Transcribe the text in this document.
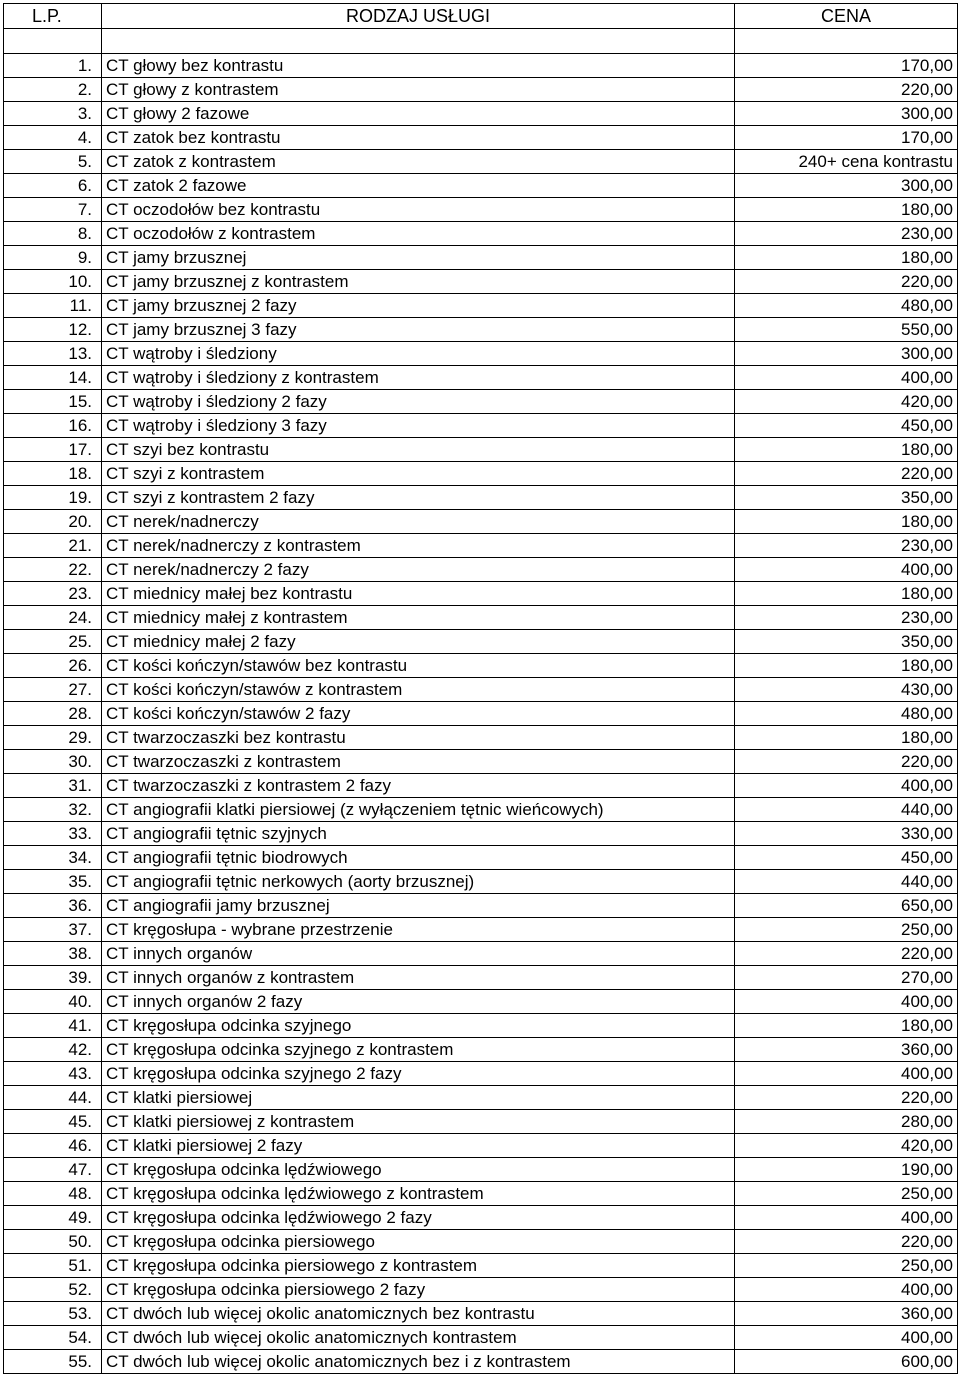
L.P.	RODZAJ USŁUGI	CENA

1.	CT głowy bez kontrastu	170,00
2.	CT głowy z kontrastem	220,00
3.	CT głowy 2 fazowe	300,00
4.	CT zatok bez kontrastu	170,00
5.	CT zatok z kontrastem	240+ cena kontrastu
6.	CT zatok 2 fazowe	300,00
7.	CT oczodołów bez kontrastu	180,00
8.	CT oczodołów z kontrastem	230,00
9.	CT jamy brzusznej	180,00
10.	CT jamy brzusznej z kontrastem	220,00
11.	CT jamy brzusznej 2 fazy	480,00
12.	CT jamy brzusznej 3 fazy	550,00
13.	CT wątroby i śledziony	300,00
14.	CT wątroby i śledziony z kontrastem	400,00
15.	CT wątroby i śledziony 2 fazy	420,00
16.	CT wątroby i śledziony 3 fazy	450,00
17.	CT szyi bez kontrastu	180,00
18.	CT szyi z kontrastem	220,00
19.	CT szyi z kontrastem 2 fazy	350,00
20.	CT nerek/nadnerczy	180,00
21.	CT nerek/nadnerczy z kontrastem	230,00
22.	CT nerek/nadnerczy 2 fazy	400,00
23.	CT miednicy małej bez kontrastu	180,00
24.	CT miednicy małej z kontrastem	230,00
25.	CT miednicy małej 2 fazy	350,00
26.	CT kości kończyn/stawów bez kontrastu	180,00
27.	CT kości kończyn/stawów z kontrastem	430,00
28.	CT kości kończyn/stawów 2 fazy	480,00
29.	CT twarzoczaszki bez kontrastu	180,00
30.	CT twarzoczaszki z kontrastem	220,00
31.	CT twarzoczaszki z kontrastem 2 fazy	400,00
32.	CT angiografii klatki piersiowej (z wyłączeniem tętnic wieńcowych)	440,00
33.	CT angiografii tętnic szyjnych	330,00
34.	CT angiografii tętnic biodrowych	450,00
35.	CT angiografii tętnic nerkowych (aorty brzusznej)	440,00
36.	CT angiografii jamy brzusznej	650,00
37.	CT kręgosłupa - wybrane przestrzenie	250,00
38.	CT innych organów	220,00
39.	CT innych organów z kontrastem	270,00
40.	CT innych organów 2 fazy	400,00
41.	CT kręgosłupa odcinka szyjnego	180,00
42.	CT kręgosłupa odcinka szyjnego z kontrastem	360,00
43.	CT kręgosłupa odcinka szyjnego 2 fazy	400,00
44.	CT klatki piersiowej	220,00
45.	CT klatki piersiowej z kontrastem	280,00
46.	CT klatki piersiowej 2 fazy	420,00
47.	CT kręgosłupa odcinka lędźwiowego	190,00
48.	CT kręgosłupa odcinka lędźwiowego z kontrastem	250,00
49.	CT kręgosłupa odcinka lędźwiowego 2 fazy	400,00
50.	CT kręgosłupa odcinka piersiowego	220,00
51.	CT kręgosłupa odcinka piersiowego z kontrastem	250,00
52.	CT kręgosłupa odcinka piersiowego 2 fazy	400,00
53.	CT dwóch lub więcej okolic anatomicznych bez kontrastu	360,00
54.	CT dwóch lub więcej okolic anatomicznych kontrastem	400,00
55.	CT dwóch lub więcej okolic anatomicznych bez i z kontrastem	600,00
